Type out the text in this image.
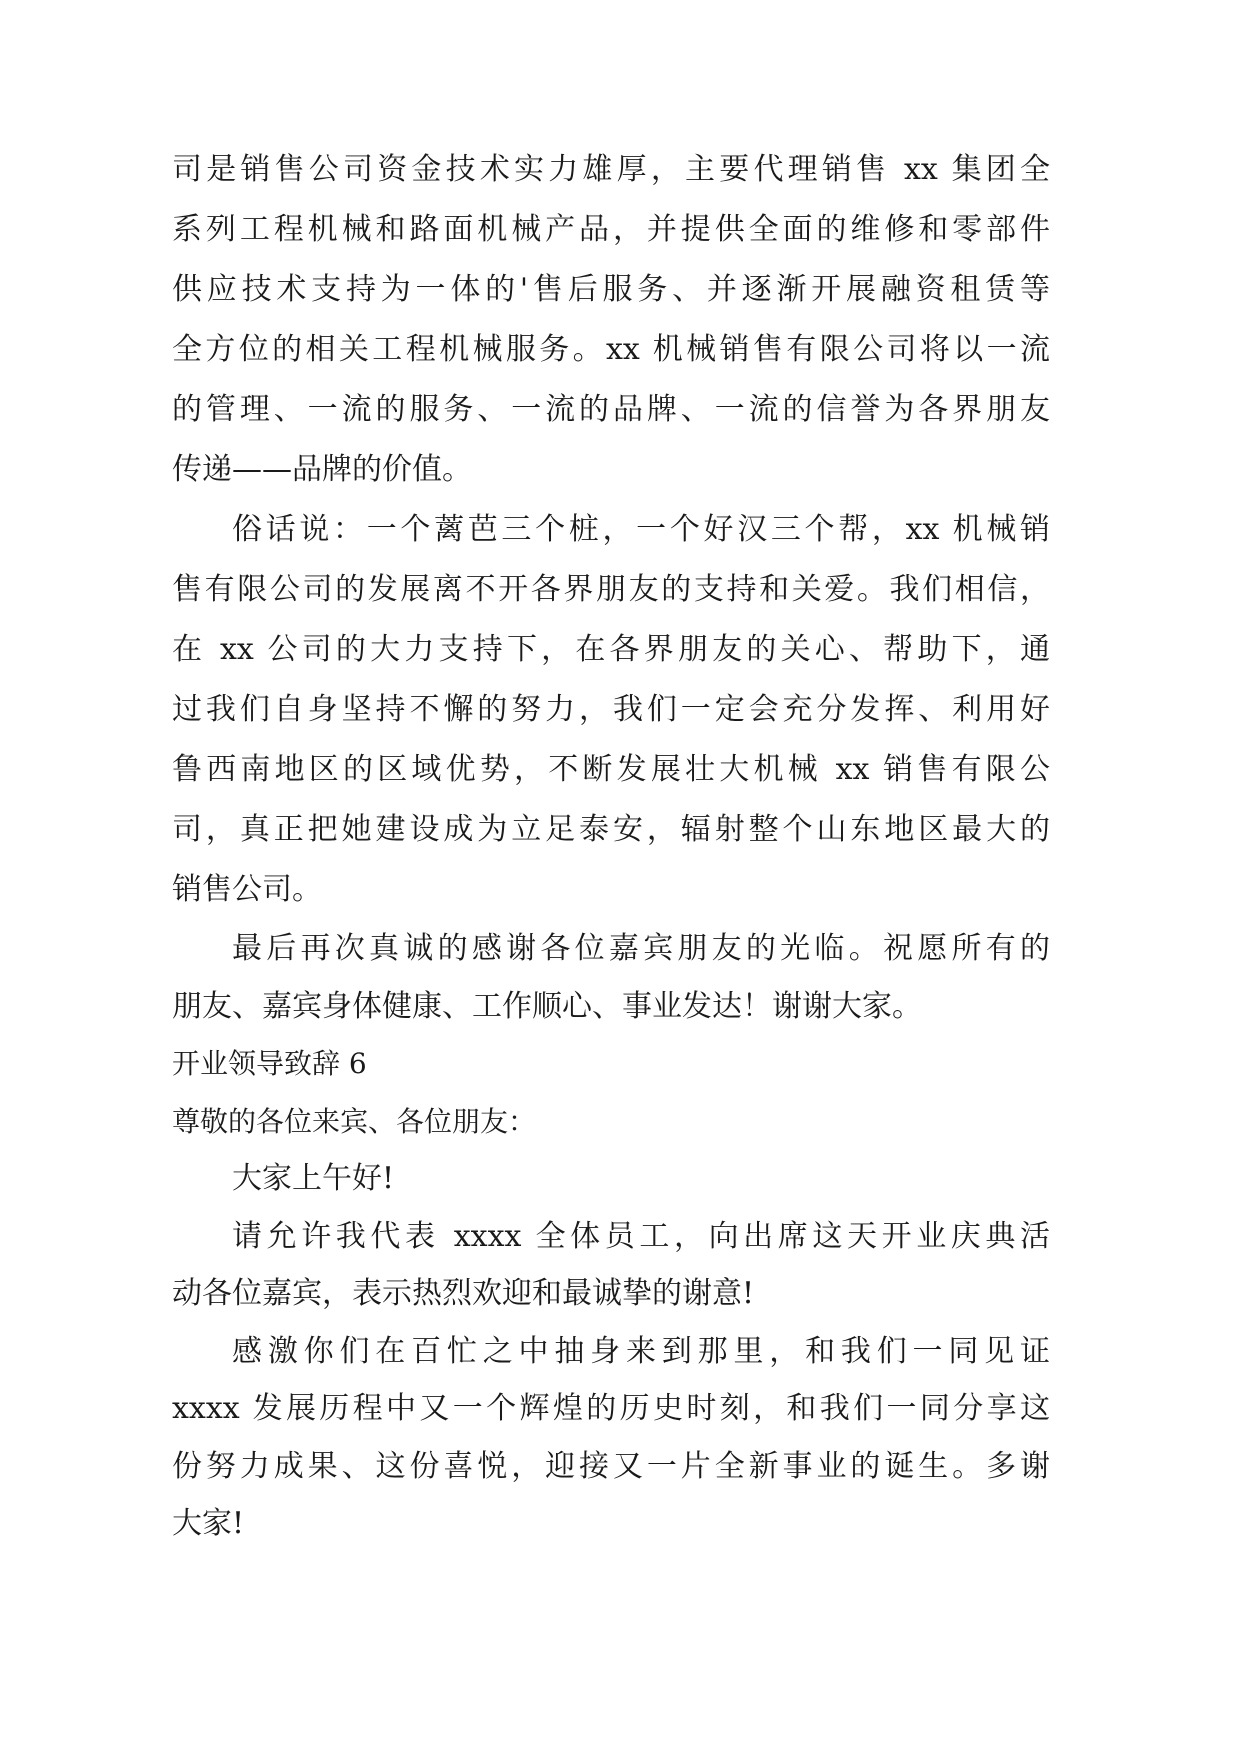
司是销售公司资金技术实力雄厚，主要代理销售 xx 集团全
系列工程机械和路面机械产品，并提供全面的维修和零部件
供应技术支持为一体的'售后服务、并逐渐开展融资租赁等
全方位的相关工程机械服务。xx 机械销售有限公司将以一流
的管理、一流的服务、一流的品牌、一流的信誉为各界朋友
传递——品牌的价值。
俗话说：一个蓠芭三个桩，一个好汉三个帮，xx 机械销
售有限公司的发展离不开各界朋友的支持和关爱。我们相信，
在 xx 公司的大力支持下，在各界朋友的关心、帮助下，通
过我们自身坚持不懈的努力，我们一定会充分发挥、利用好
鲁西南地区的区域优势，不断发展壮大机械 xx 销售有限公
司，真正把她建设成为立足泰安，辐射整个山东地区最大的
销售公司。
最后再次真诚的感谢各位嘉宾朋友的光临。祝愿所有的
朋友、嘉宾身体健康、工作顺心、事业发达！谢谢大家。
开业领导致辞 6
尊敬的各位来宾、各位朋友：
大家上午好!
请允许我代表 xxxx 全体员工，向出席这天开业庆典活
动各位嘉宾，表示热烈欢迎和最诚挚的谢意!
感激你们在百忙之中抽身来到那里，和我们一同见证
xxxx 发展历程中又一个辉煌的历史时刻，和我们一同分享这
份努力成果、这份喜悦，迎接又一片全新事业的诞生。多谢
大家!
